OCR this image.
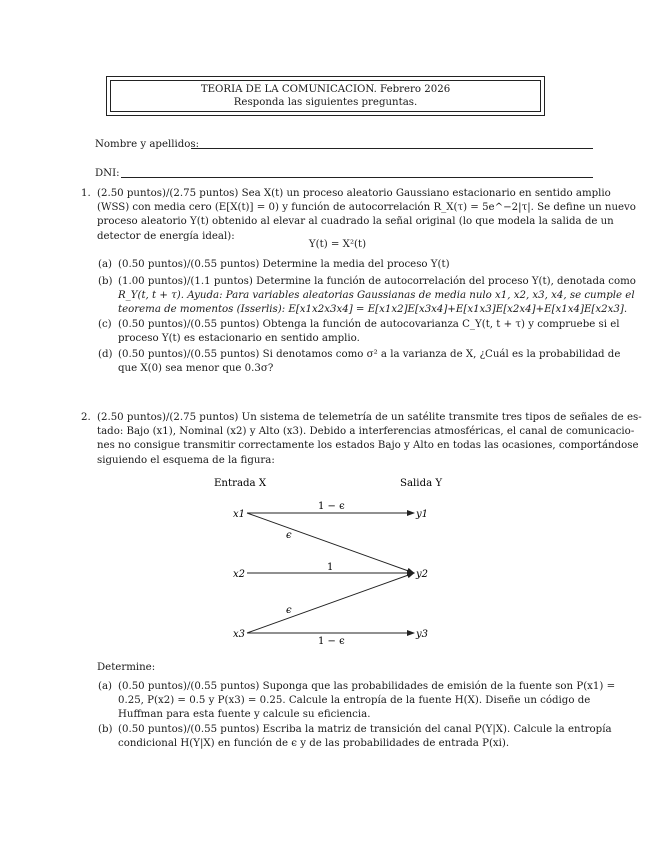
TEORIA DE LA COMUNICACION. Febrero 2026
Responda las siguientes preguntas.
Nombre y apellidos:
DNI:
1. (2.50 puntos)/(2.75 puntos) Sea X(t) un proceso aleatorio Gaussiano estacionario en sentido amplio
(WSS) con media cero (E[X(t)] = 0) y función de autocorrelación R_X(τ) = 5e^−2|τ|. Se define un nuevo
proceso aleatorio Y(t) obtenido al elevar al cuadrado la señal original (lo que modela la salida de un
detector de energía ideal):
Y(t) = X²(t)
(a) (0.50 puntos)/(0.55 puntos) Determine la media del proceso Y(t)
(b) (1.00 puntos)/(1.1 puntos) Determine la función de autocorrelación del proceso Y(t), denotada como
R_Y(t, t + τ). Ayuda: Para variables aleatorias Gaussianas de media nulo x1, x2, x3, x4, se cumple el
teorema de momentos (Isserlis): E[x1x2x3x4] = E[x1x2]E[x3x4]+E[x1x3]E[x2x4]+E[x1x4]E[x2x3].
(c) (0.50 puntos)/(0.55 puntos) Obtenga la función de autocovarianza C_Y(t, t + τ) y compruebe si el
proceso Y(t) es estacionario en sentido amplio.
(d) (0.50 puntos)/(0.55 puntos) Si denotamos como σ² a la varianza de X, ¿Cuál es la probabilidad de
que X(0) sea menor que 0.3σ?
2. (2.50 puntos)/(2.75 puntos) Un sistema de telemetría de un satélite transmite tres tipos de señales de es-
tado: Bajo (x1), Nominal (x2) y Alto (x3). Debido a interferencias atmosféricas, el canal de comunicacio-
nes no consigue transmitir correctamente los estados Bajo y Alto en todas las ocasiones, comportándose
siguiendo el esquema de la figura:
Entrada X	Salida Y
x1
x2
x3
y1
y2
y3
1 − ϵ
1
1 − ϵ
ϵ
ϵ
Determine:
(a) (0.50 puntos)/(0.55 puntos) Suponga que las probabilidades de emisión de la fuente son P(x1) =
0.25, P(x2) = 0.5 y P(x3) = 0.25. Calcule la entropía de la fuente H(X). Diseñe un código de
Huffman para esta fuente y calcule su eficiencia.
(b) (0.50 puntos)/(0.55 puntos) Escriba la matriz de transición del canal P(Y|X). Calcule la entropía
condicional H(Y|X) en función de ϵ y de las probabilidades de entrada P(xi).
